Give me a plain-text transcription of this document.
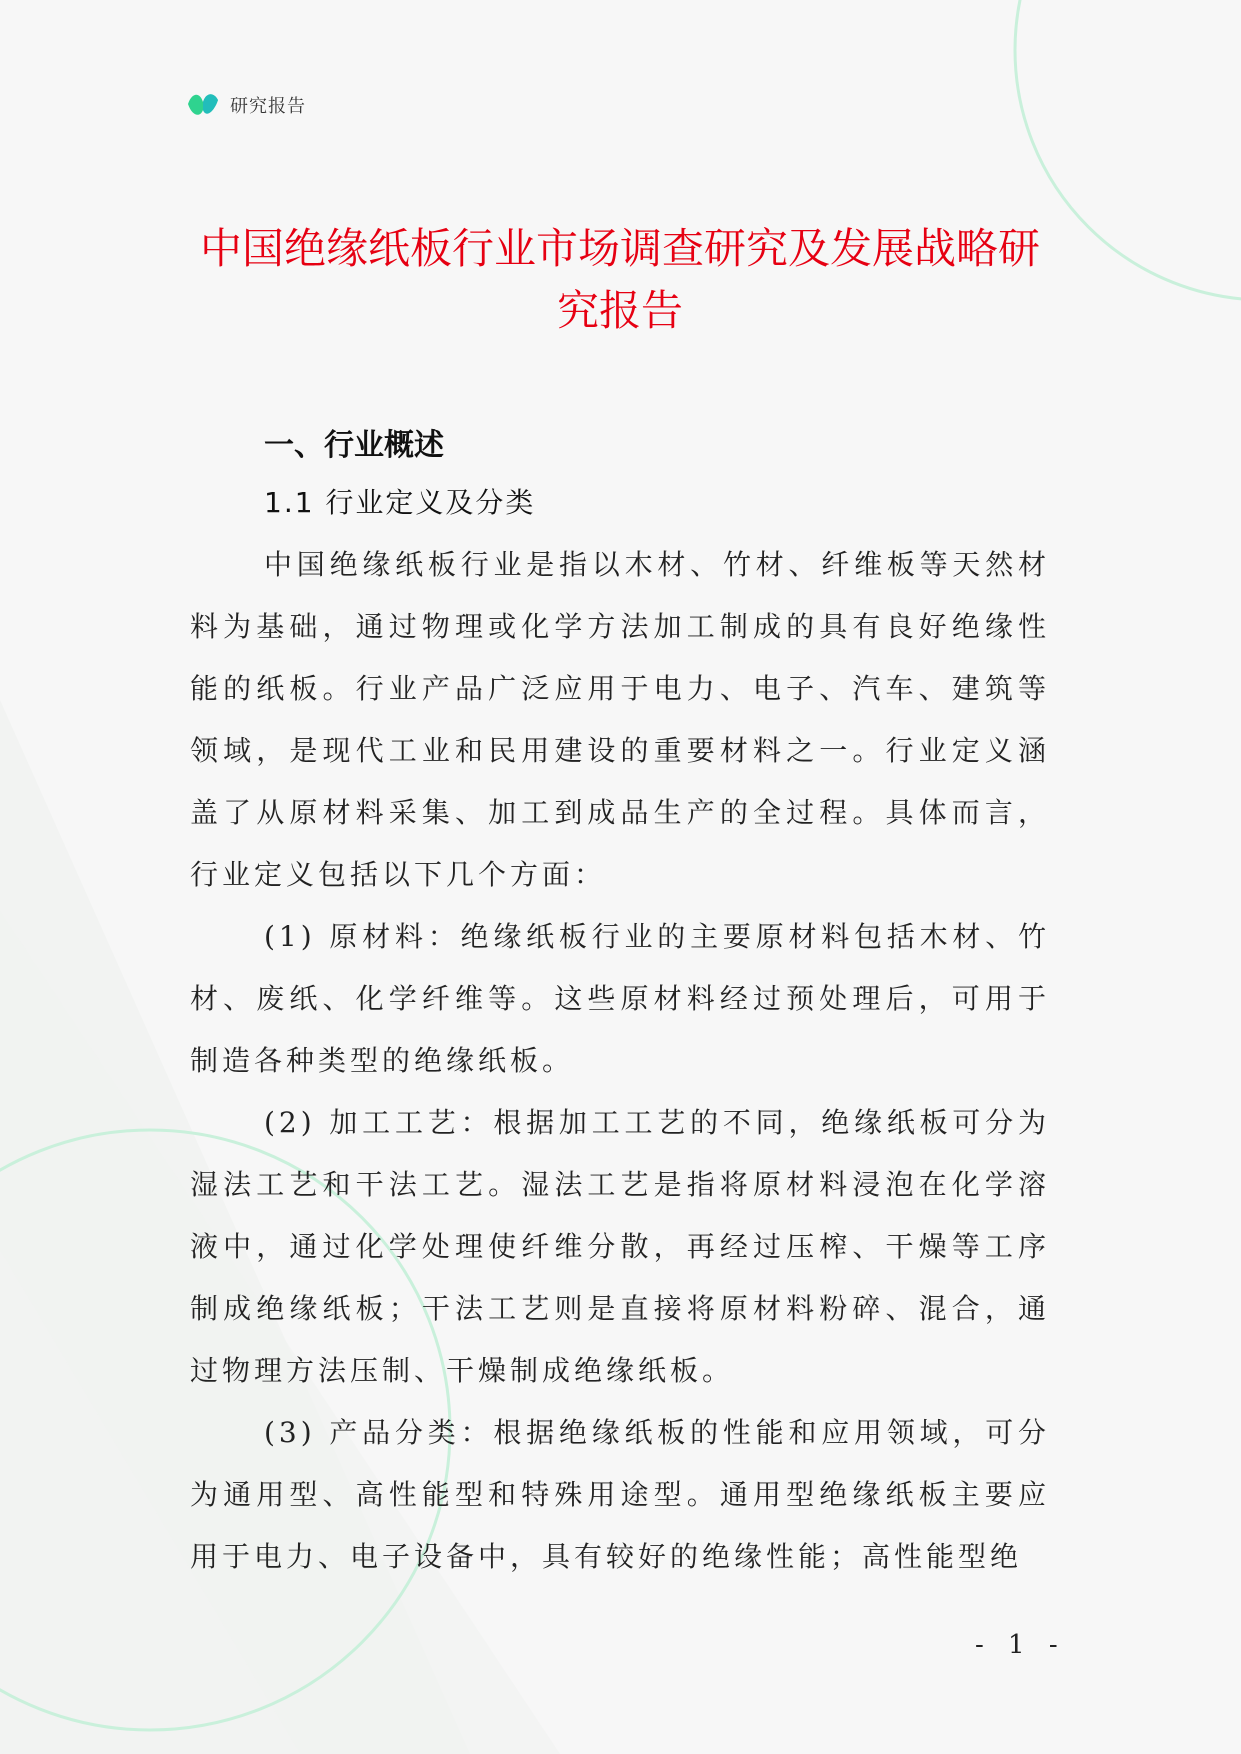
研究报告
中国绝缘纸板行业市场调查研究及发展战略研究报告
一、行业概述
1.1 行业定义及分类

中国绝缘纸板行业是指以木材、竹材、纤维板等天然材料为基础，通过物理或化学方法加工制成的具有良好绝缘性能的纸板。行业产品广泛应用于电力、电子、汽车、建筑等领域，是现代工业和民用建设的重要材料之一。行业定义涵盖了从原材料采集、加工到成品生产的全过程。具体而言，行业定义包括以下几个方面：

(1) 原材料：绝缘纸板行业的主要原材料包括木材、竹材、废纸、化学纤维等。这些原材料经过预处理后，可用于制造各种类型的绝缘纸板。

(2) 加工工艺：根据加工工艺的不同，绝缘纸板可分为湿法工艺和干法工艺。湿法工艺是指将原材料浸泡在化学溶液中，通过化学处理使纤维分散，再经过压榨、干燥等工序制成绝缘纸板；干法工艺则是直接将原材料粉碎、混合，通过物理方法压制、干燥制成绝缘纸板。

(3) 产品分类：根据绝缘纸板的性能和应用领域，可分为通用型、高性能型和特殊用途型。通用型绝缘纸板主要应用于电力、电子设备中，具有较好的绝缘性能；高性能型绝

- 1 -
